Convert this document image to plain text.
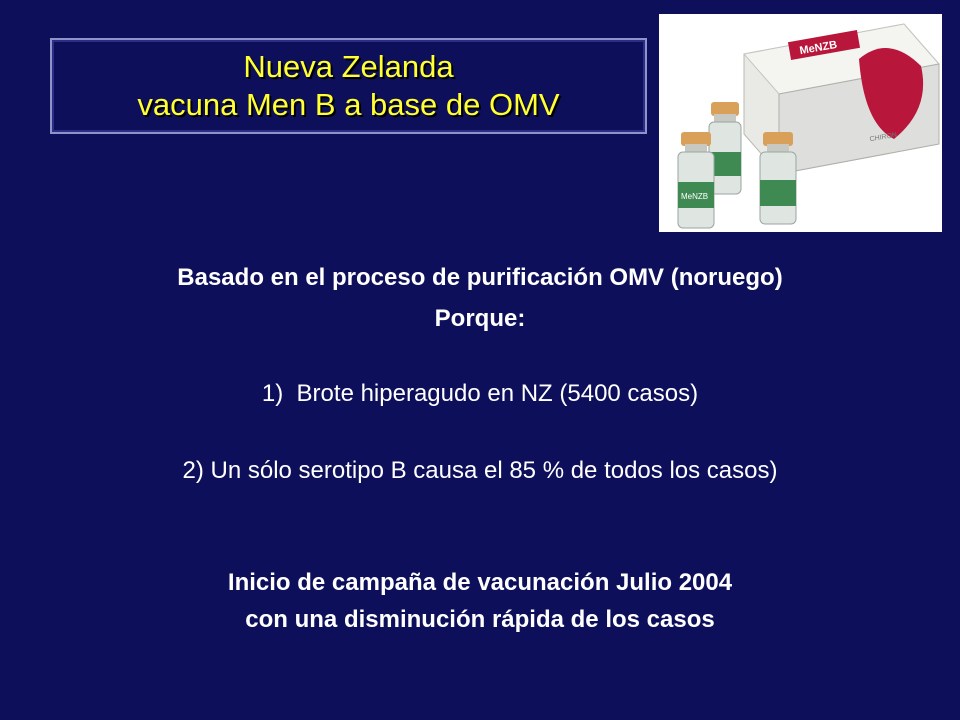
Nueva Zelanda
vacuna Men B a base de OMV
MeNZB
CHIRON
MeNZB
Basado en el proceso de purificación OMV (noruego)
Porque:
1)  Brote hiperagudo en NZ (5400 casos)
2) Un sólo serotipo B causa el 85 % de todos los casos)
Inicio de campaña de vacunación Julio 2004
con una disminución rápida de los casos
